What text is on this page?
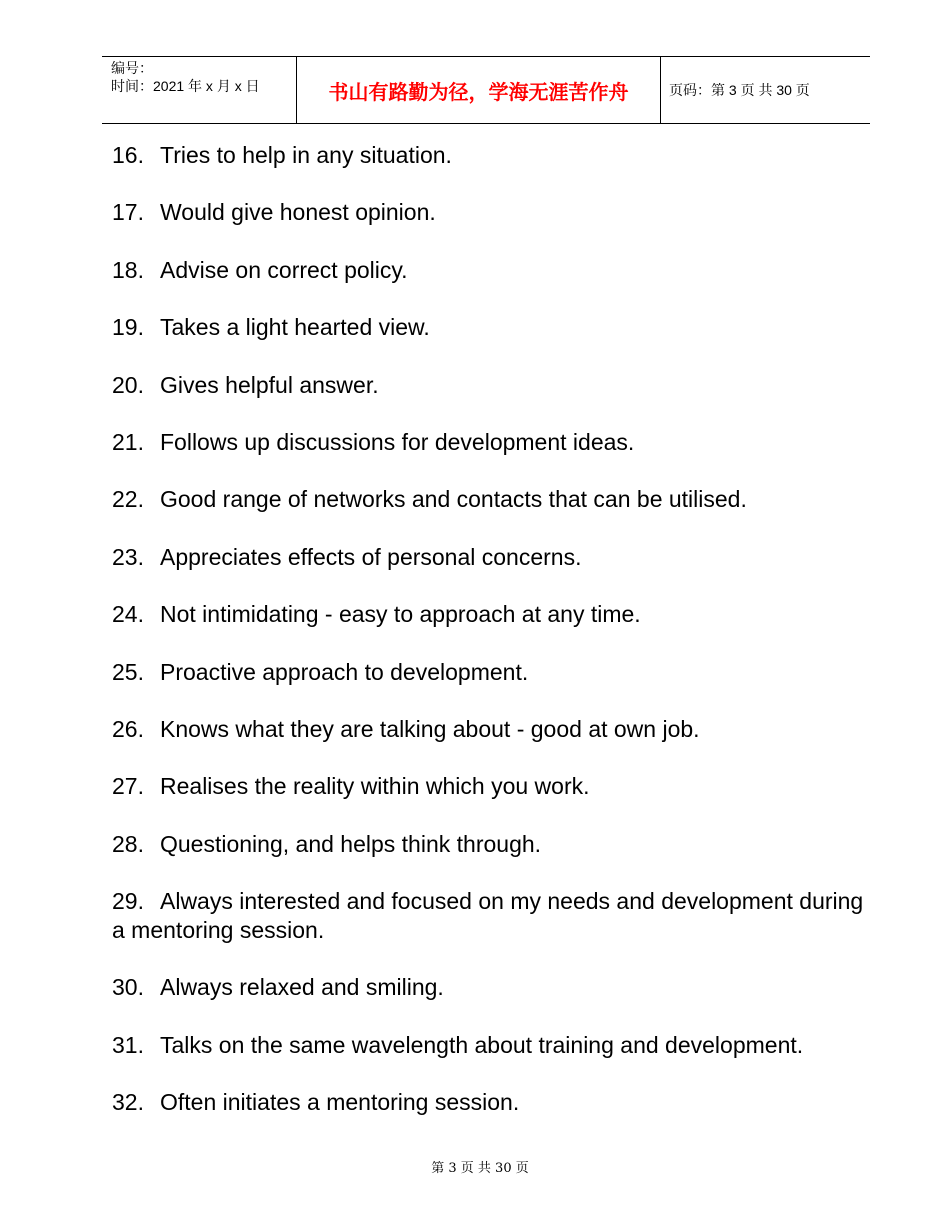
编号：
时间：2021 年 x 月 x 日	书山有路勤为径，学海无涯苦作舟	页码：第 3 页 共 30 页
16. Tries to help in any situation.
17. Would give honest opinion.
18. Advise on correct policy.
19. Takes a light hearted view.
20. Gives helpful answer.
21. Follows up discussions for development ideas.
22. Good range of networks and contacts that can be utilised.
23. Appreciates effects of personal concerns.
24. Not intimidating - easy to approach at any time.
25. Proactive approach to development.
26. Knows what they are talking about - good at own job.
27. Realises the reality within which you work.
28. Questioning, and helps think through.
29. Always interested and focused on my needs and development during a mentoring session.
30. Always relaxed and smiling.
31. Talks on the same wavelength about training and development.
32. Often initiates a mentoring session.
第 3 页 共 30 页
